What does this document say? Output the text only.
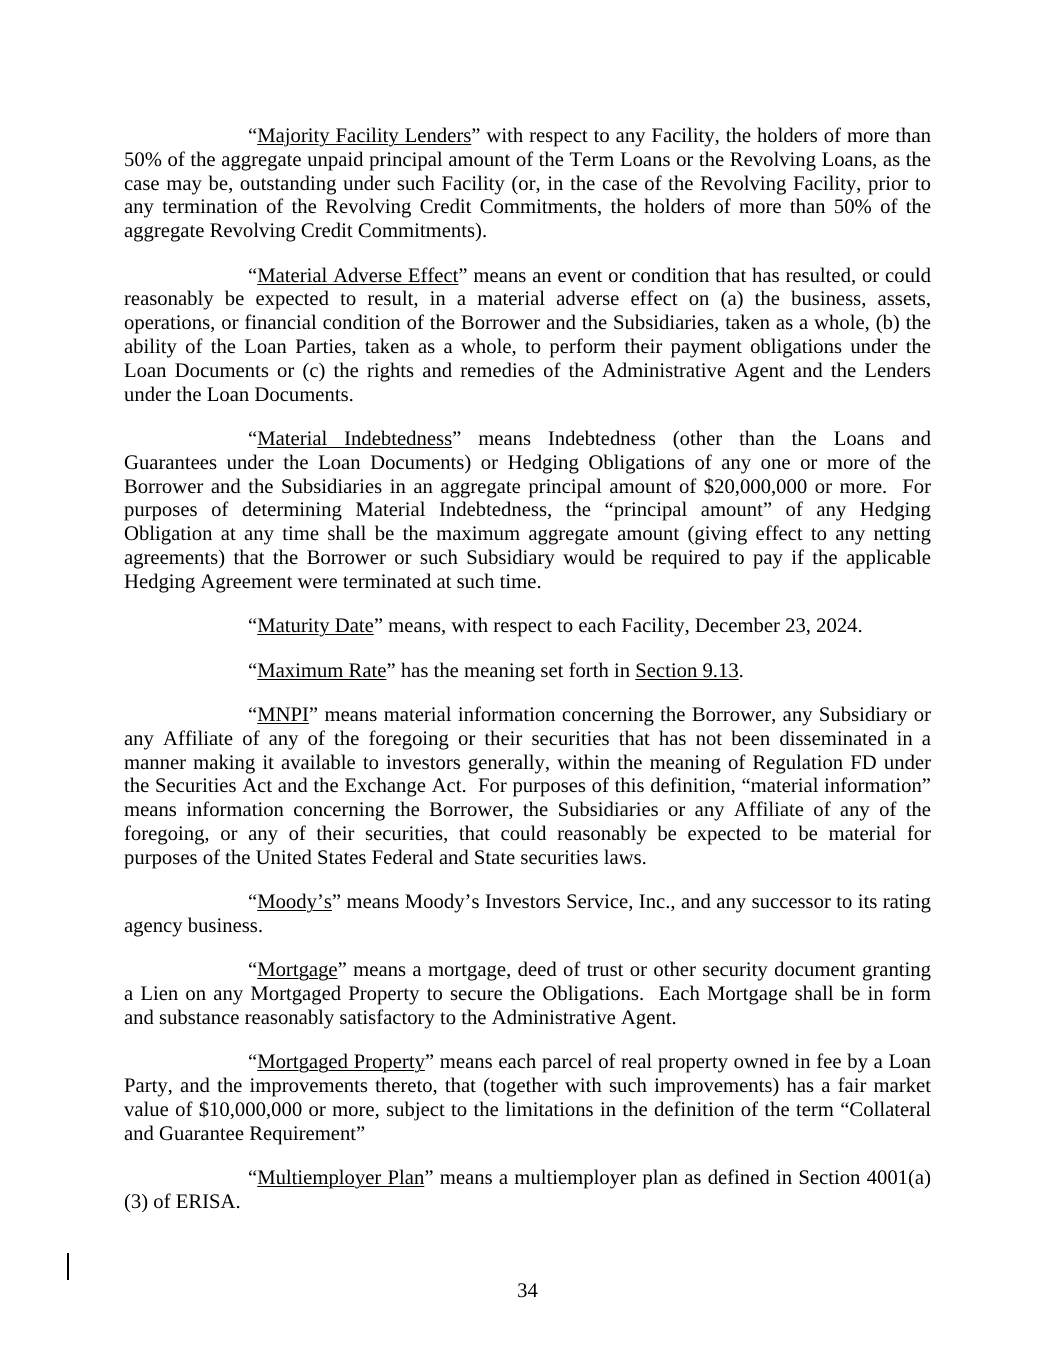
“Majority Facility Lenders” with respect to any Facility, the holders of more than 50% of the aggregate unpaid principal amount of the Term Loans or the Revolving Loans, as the case may be, outstanding under such Facility (or, in the case of the Revolving Facility, prior to any termination of the Revolving Credit Commitments, the holders of more than 50% of the aggregate Revolving Credit Commitments).

“Material Adverse Effect” means an event or condition that has resulted, or could reasonably be expected to result, in a material adverse effect on (a) the business, assets, operations, or financial condition of the Borrower and the Subsidiaries, taken as a whole, (b) the ability of the Loan Parties, taken as a whole, to perform their payment obligations under the Loan Documents or (c) the rights and remedies of the Administrative Agent and the Lenders under the Loan Documents.

“Material Indebtedness” means Indebtedness (other than the Loans and Guarantees under the Loan Documents) or Hedging Obligations of any one or more of the Borrower and the Subsidiaries in an aggregate principal amount of $20,000,000 or more.  For purposes of determining Material Indebtedness, the “principal amount” of any Hedging Obligation at any time shall be the maximum aggregate amount (giving effect to any netting agreements) that the Borrower or such Subsidiary would be required to pay if the applicable Hedging Agreement were terminated at such time.

“Maturity Date” means, with respect to each Facility, December 23, 2024.

“Maximum Rate” has the meaning set forth in Section 9.13.

“MNPI” means material information concerning the Borrower, any Subsidiary or any Affiliate of any of the foregoing or their securities that has not been disseminated in a manner making it available to investors generally, within the meaning of Regulation FD under the Securities Act and the Exchange Act.  For purposes of this definition, “material information” means information concerning the Borrower, the Subsidiaries or any Affiliate of any of the foregoing, or any of their securities, that could reasonably be expected to be material for purposes of the United States Federal and State securities laws.

“Moody’s” means Moody’s Investors Service, Inc., and any successor to its rating agency business.

“Mortgage” means a mortgage, deed of trust or other security document granting a Lien on any Mortgaged Property to secure the Obligations.  Each Mortgage shall be in form and substance reasonably satisfactory to the Administrative Agent.

“Mortgaged Property” means each parcel of real property owned in fee by a Loan Party, and the improvements thereto, that (together with such improvements) has a fair market value of $10,000,000 or more, subject to the limitations in the definition of the term “Collateral and Guarantee Requirement”

“Multiemployer Plan” means a multiemployer plan as defined in Section 4001(a)(3) of ERISA.

34
